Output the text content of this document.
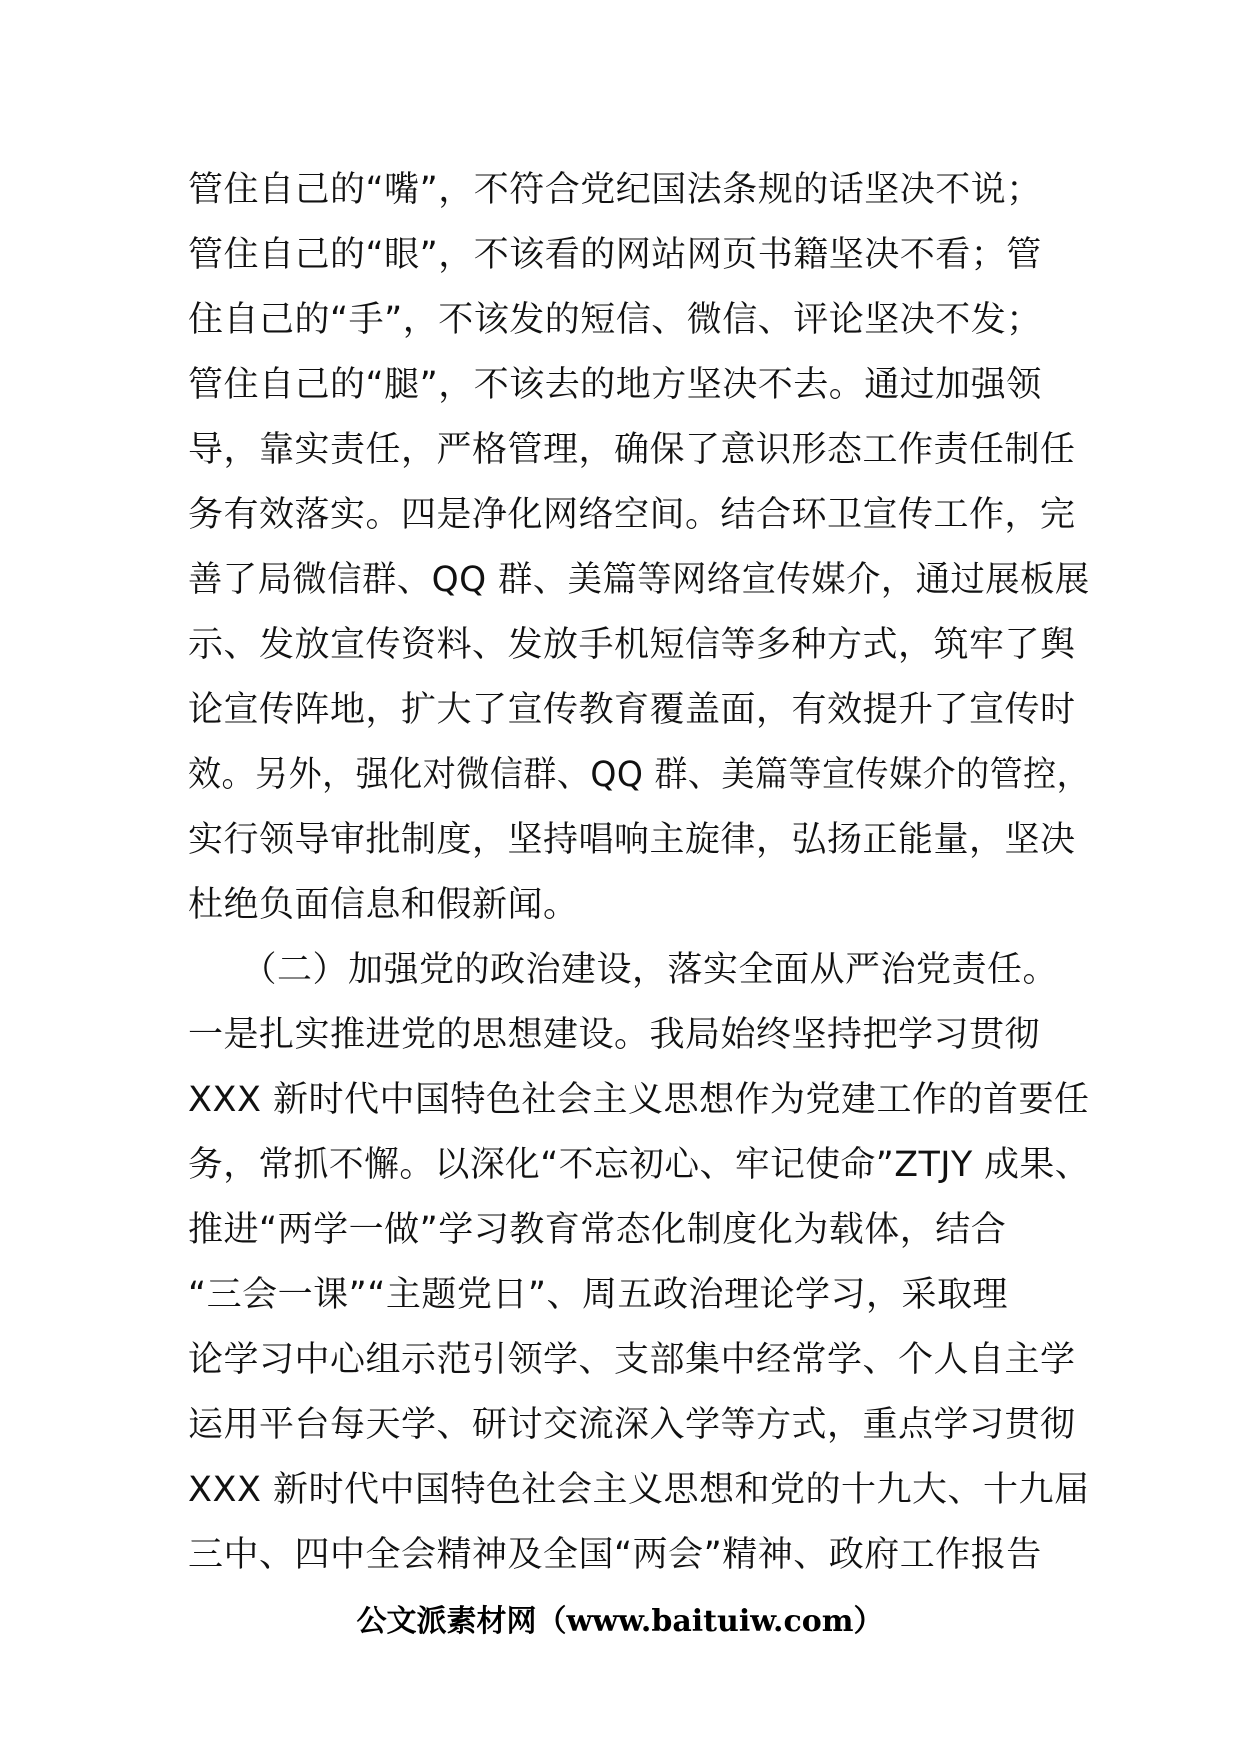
管住自己的“嘴”，不符合党纪国法条规的话坚决不说；
管住自己的“眼”，不该看的网站网页书籍坚决不看；管
住自己的“手”，不该发的短信、微信、评论坚决不发；
管住自己的“腿”，不该去的地方坚决不去。通过加强领
导，靠实责任，严格管理，确保了意识形态工作责任制任
务有效落实。四是净化网络空间。结合环卫宣传工作，完
善了局微信群、QQ 群、美篇等网络宣传媒介，通过展板展
示、发放宣传资料、发放手机短信等多种方式，筑牢了舆
论宣传阵地，扩大了宣传教育覆盖面，有效提升了宣传时
效。另外，强化对微信群、QQ 群、美篇等宣传媒介的管控，
实行领导审批制度，坚持唱响主旋律，弘扬正能量，坚决
杜绝负面信息和假新闻。
　　（二）加强党的政治建设，落实全面从严治党责任。
一是扎实推进党的思想建设。我局始终坚持把学习贯彻
XXX 新时代中国特色社会主义思想作为党建工作的首要任
务，常抓不懈。以深化“不忘初心、牢记使命”ZTJY 成果、
推进“两学一做”学习教育常态化制度化为载体，结合
“三会一课”“主题党日”、周五政治理论学习，采取理
论学习中心组示范引领学、支部集中经常学、个人自主学
运用平台每天学、研讨交流深入学等方式，重点学习贯彻
XXX 新时代中国特色社会主义思想和党的十九大、十九届
三中、四中全会精神及全国“两会”精神、政府工作报告
公文派素材网（www.baituiw.com）
